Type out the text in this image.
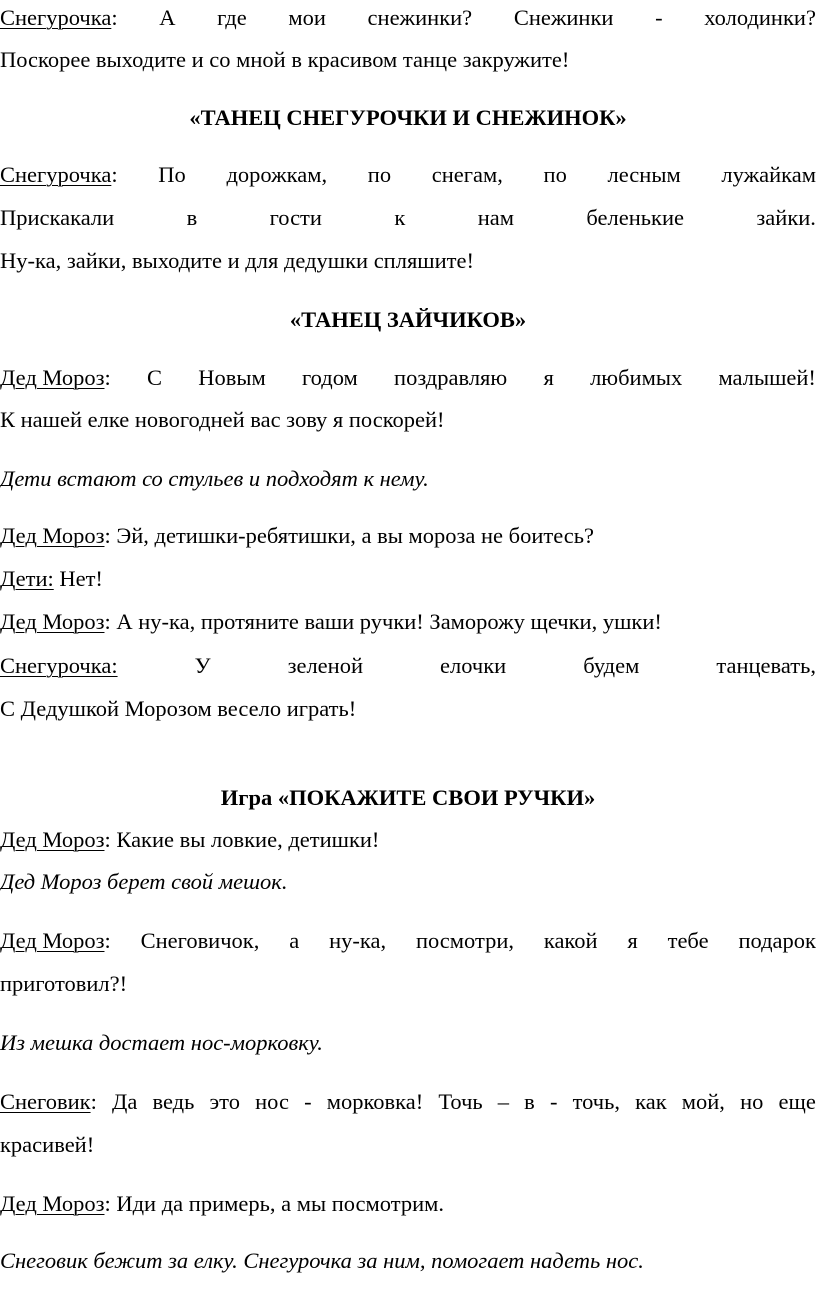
Снегурочка: А где мои снежинки? Снежинки - холодинки?
Поскорее выходите и со мной в красивом танце закружите!
«ТАНЕЦ СНЕГУРОЧКИ И СНЕЖИНОК»
Снегурочка: По дорожкам, по снегам, по лесным лужайкам
Прискакали	в	гости	к	нам	беленькие	зайки.
Ну-ка, зайки, выходите и для дедушки спляшите!
«ТАНЕЦ ЗАЙЧИКОВ»
Дед Мороз: С Новым годом поздравляю я любимых малышей!
К нашей елке новогодней вас зову я поскорей!
Дети встают со стульев и подходят к нему.
Дед Мороз: Эй, детишки-ребятишки, а вы мороза не боитесь?
Дети: Нет!
Дед Мороз: А ну-ка, протяните ваши ручки! Заморожу щечки, ушки!
Снегурочка:	У	зеленой	елочки	будем	танцевать,
С Дедушкой Морозом весело играть!
Игра «ПОКАЖИТЕ СВОИ РУЧКИ»
Дед Мороз: Какие вы ловкие, детишки!
Дед Мороз берет свой мешок.
Дед Мороз: Снеговичок, а ну-ка, посмотри, какой я тебе подарок
приготовил?!
Из мешка достает нос-морковку.
Снеговик: Да ведь это нос - морковка! Точь – в - точь, как мой, но еще
красивей!
Дед Мороз: Иди да примерь, а мы посмотрим.
Снеговик бежит за елку. Снегурочка за ним, помогает надеть нос.
